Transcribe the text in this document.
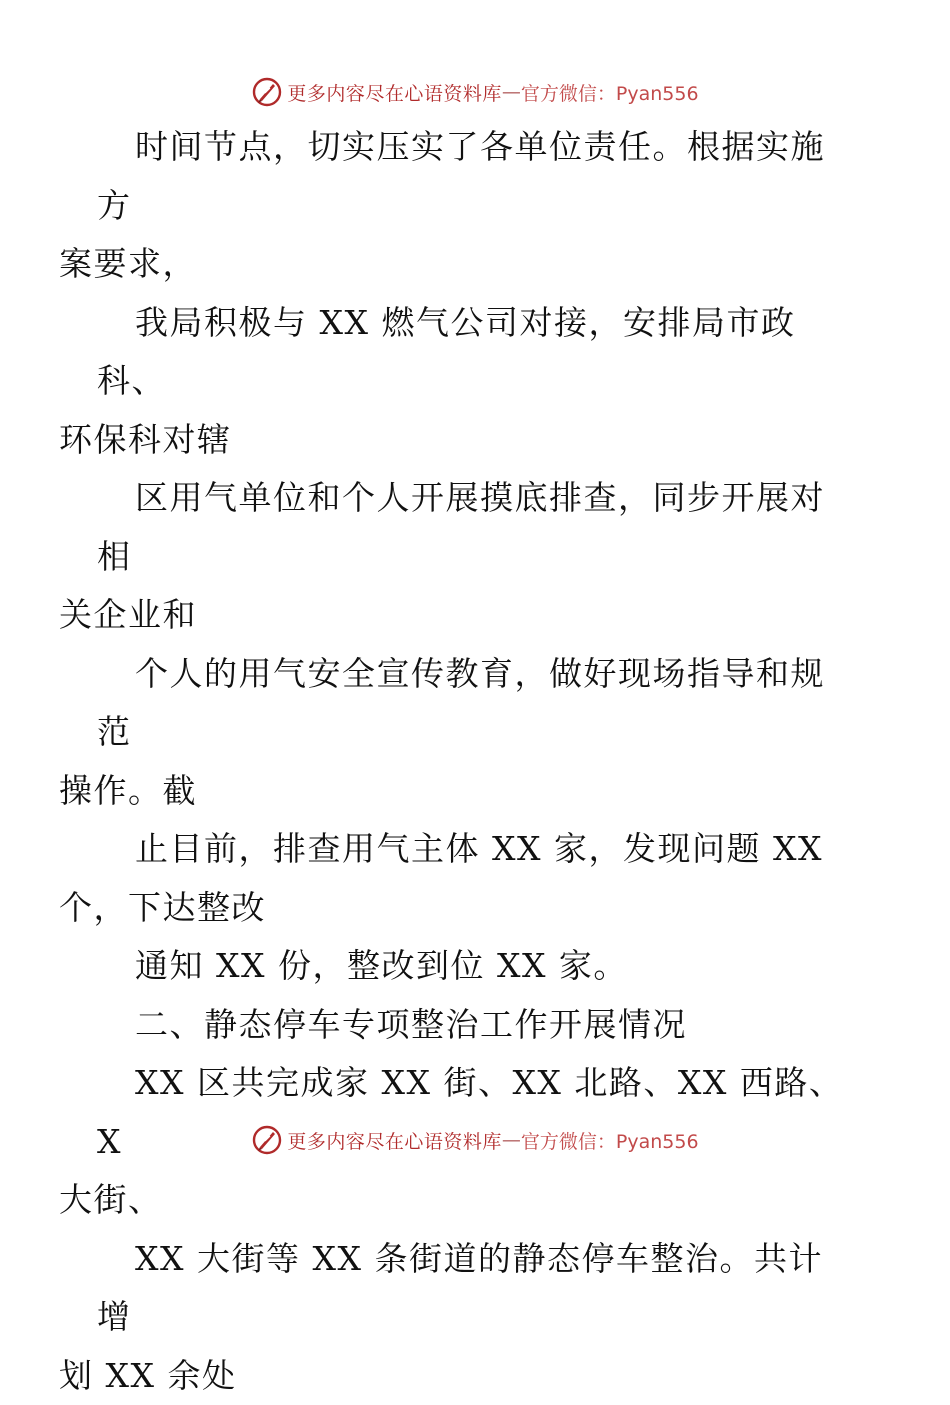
更多内容尽在心语资料库 — 官方微信：Pyan556

时间节点，切实压实了各单位责任。根据实施方
案要求，

我局积极与 XX 燃气公司对接，安排局市政科、
环保科对辖

区用气单位和个人开展摸底排查，同步开展对相
关企业和

个人的用气安全宣传教育，做好现场指导和规范
操作。截

止目前，排查用气主体 XX 家，发现问题 XX
个，下达整改

通知 XX 份，整改到位 XX 家。

二、静态停车专项整治工作开展情况

XX 区共完成家 XX 街、XX 北路、XX 西路、X
大街、

XX 大街等 XX 条街道的静态停车整治。共计增
划 XX 余处

更多内容尽在心语资料库 — 官方微信：Pyan556
